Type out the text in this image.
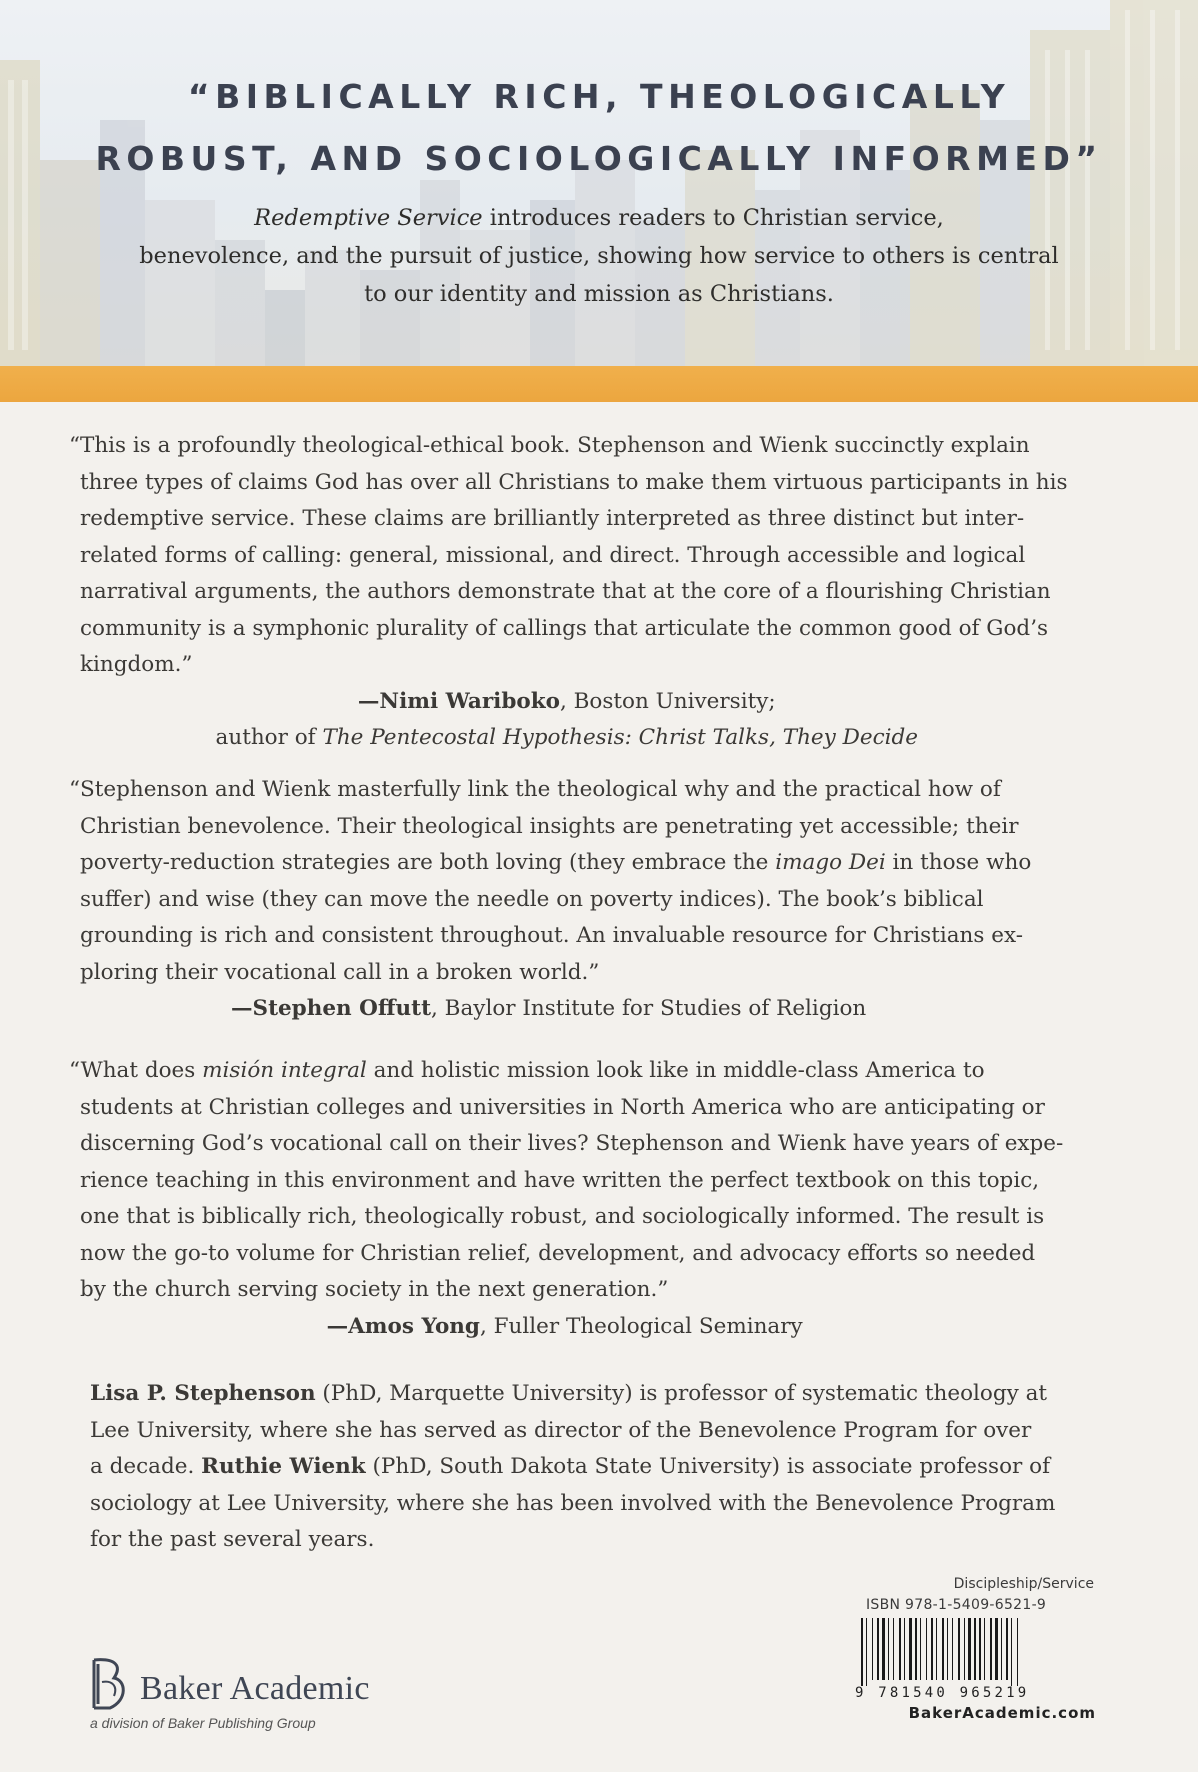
“BIBLICALLY RICH, THEOLOGICALLY
ROBUST, AND SOCIOLOGICALLY INFORMED”
Redemptive Service introduces readers to Christian service,
benevolence, and the pursuit of justice, showing how service to others is central
to our identity and mission as Christians.

“This is a profoundly theological-ethical book. Stephenson and Wienk succinctly explain
three types of claims God has over all Christians to make them virtuous participants in his
redemptive service. These claims are brilliantly interpreted as three distinct but inter-
related forms of calling: general, missional, and direct. Through accessible and logical
narratival arguments, the authors demonstrate that at the core of a flourishing Christian
community is a symphonic plurality of callings that articulate the common good of God’s
kingdom.”

—Nimi Wariboko, Boston University;
author of The Pentecostal Hypothesis: Christ Talks, They Decide

“Stephenson and Wienk masterfully link the theological why and the practical how of
Christian benevolence. Their theological insights are penetrating yet accessible; their
poverty-reduction strategies are both loving (they embrace the imago Dei in those who
suffer) and wise (they can move the needle on poverty indices). The book’s biblical
grounding is rich and consistent throughout. An invaluable resource for Christians ex-
ploring their vocational call in a broken world.”

—Stephen Offutt, Baylor Institute for Studies of Religion

“What does misión integral and holistic mission look like in middle-class America to
students at Christian colleges and universities in North America who are anticipating or
discerning God’s vocational call on their lives? Stephenson and Wienk have years of expe-
rience teaching in this environment and have written the perfect textbook on this topic,
one that is biblically rich, theologically robust, and sociologically informed. The result is
now the go-to volume for Christian relief, development, and advocacy efforts so needed
by the church serving society in the next generation.”

—Amos Yong, Fuller Theological Seminary

Lisa P. Stephenson (PhD, Marquette University) is professor of systematic theology at
Lee University, where she has served as director of the Benevolence Program for over
a decade. Ruthie Wienk (PhD, South Dakota State University) is associate professor of
sociology at Lee University, where she has been involved with the Benevolence Program
for the past several years.
Discipleship/Service
ISBN 978-1-5409-6521-9
9 781540 965219
BakerAcademic.com
Baker Academic
a division of Baker Publishing Group
